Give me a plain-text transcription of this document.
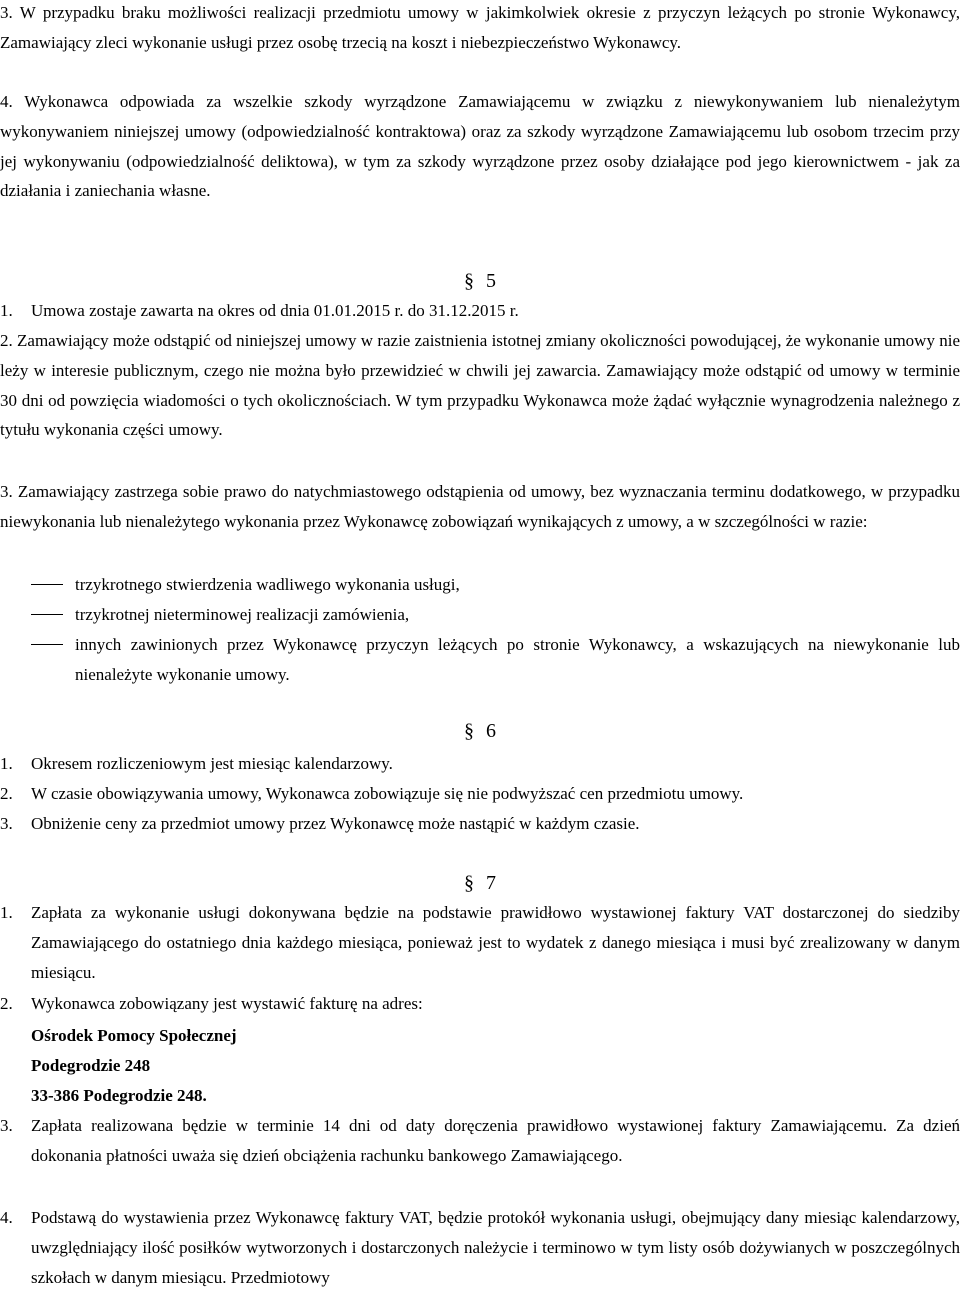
3. W przypadku braku możliwości realizacji przedmiotu umowy w jakimkolwiek okresie z przyczyn leżących po stronie Wykonawcy, Zamawiający zleci wykonanie usługi przez osobę trzecią na koszt i niebezpieczeństwo Wykonawcy.
4. Wykonawca odpowiada za wszelkie szkody wyrządzone Zamawiającemu w związku z niewykonywaniem lub nienależytym wykonywaniem niniejszej umowy (odpowiedzialność kontraktowa) oraz za szkody wyrządzone Zamawiającemu lub osobom trzecim przy jej wykonywaniu (odpowiedzialność deliktowa), w tym za szkody wyrządzone przez osoby działające pod jego kierownictwem - jak za działania i zaniechania własne.
§ 5
1. Umowa zostaje zawarta na okres od dnia 01.01.2015 r. do 31.12.2015 r.
2. Zamawiający może odstąpić od niniejszej umowy w razie zaistnienia istotnej zmiany okoliczności powodującej, że wykonanie umowy nie leży w interesie publicznym, czego nie można było przewidzieć w chwili jej zawarcia. Zamawiający może odstąpić od umowy w terminie 30 dni od powzięcia wiadomości o tych okolicznościach. W tym przypadku Wykonawca może żądać wyłącznie wynagrodzenia należnego z tytułu wykonania części umowy.
3. Zamawiający zastrzega sobie prawo do natychmiastowego odstąpienia od umowy, bez wyznaczania terminu dodatkowego, w przypadku niewykonania lub nienależytego wykonania przez Wykonawcę zobowiązań wynikających z umowy, a w szczególności w razie:
trzykrotnego stwierdzenia wadliwego wykonania usługi,
trzykrotnej nieterminowej realizacji zamówienia,
innych zawinionych przez Wykonawcę przyczyn leżących po stronie Wykonawcy, a wskazujących na niewykonanie lub nienależyte wykonanie umowy.
§ 6
1. Okresem rozliczeniowym jest miesiąc kalendarzowy.
2. W czasie obowiązywania umowy, Wykonawca zobowiązuje się nie podwyższać cen przedmiotu umowy.
3. Obniżenie ceny za przedmiot umowy przez Wykonawcę może nastąpić w każdym czasie.
§ 7
1. Zapłata za wykonanie usługi dokonywana będzie na podstawie prawidłowo wystawionej faktury VAT dostarczonej do siedziby Zamawiającego do ostatniego dnia każdego miesiąca, ponieważ jest to wydatek z danego miesiąca i musi być zrealizowany w danym miesiącu.
2. Wykonawca zobowiązany jest wystawić fakturę na adres:
Ośrodek Pomocy Społecznej
Podegrodzie 248
33-386 Podegrodzie 248.
3. Zapłata realizowana będzie w terminie 14 dni od daty doręczenia prawidłowo wystawionej faktury Zamawiającemu. Za dzień dokonania płatności uważa się dzień obciążenia rachunku bankowego Zamawiającego.
4. Podstawą do wystawienia przez Wykonawcę faktury VAT, będzie protokół wykonania usługi, obejmujący dany miesiąc kalendarzowy, uwzględniający ilość posiłków wytworzonych i dostarczonych należycie i terminowo w tym listy osób dożywianych w poszczególnych szkołach w danym miesiącu. Przedmiotowy
